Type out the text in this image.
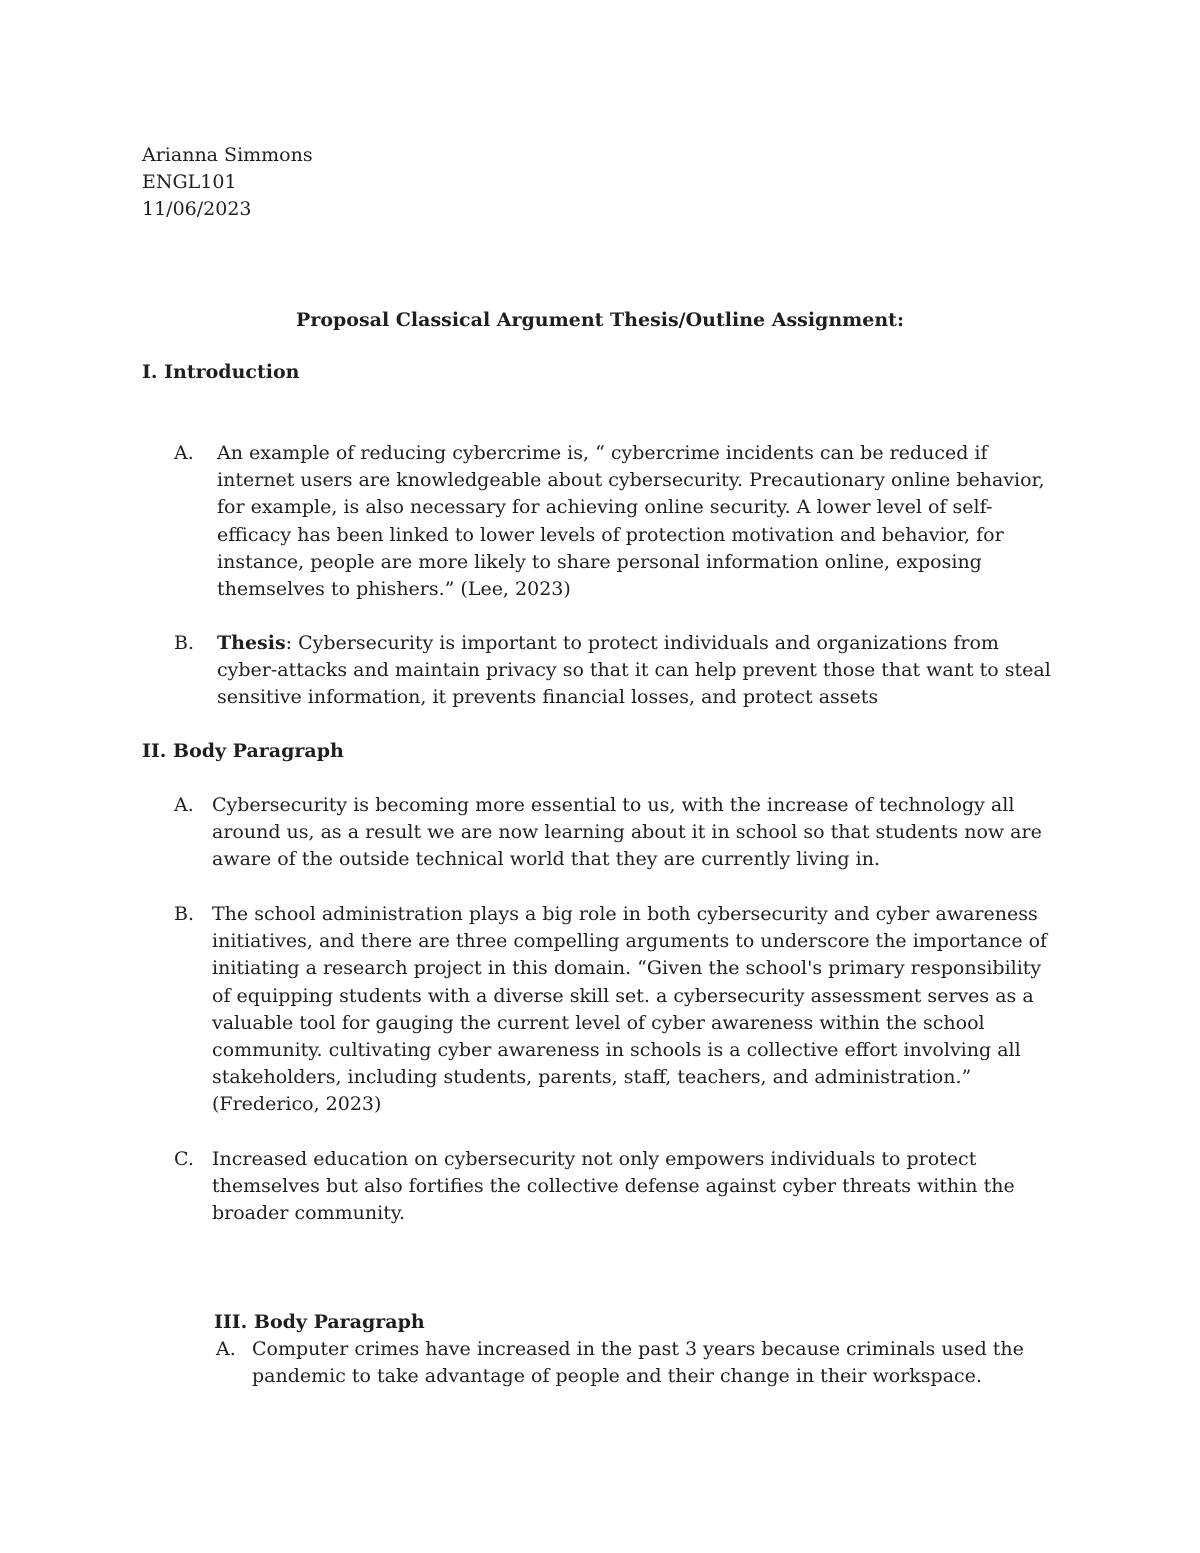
Arianna Simmons

ENGL101

11/06/2023

Proposal Classical Argument Thesis/Outline Assignment:

I. Introduction

A. An example of reducing cybercrime is, “ cybercrime incidents can be reduced if internet users are knowledgeable about cybersecurity. Precautionary online behavior, for example, is also necessary for achieving online security. A lower level of self-efficacy has been linked to lower levels of protection motivation and behavior, for instance, people are more likely to share personal information online, exposing themselves to phishers.” (Lee, 2023)
B. Thesis: Cybersecurity is important to protect individuals and organizations from cyber-attacks and maintain privacy so that it can help prevent those that want to steal sensitive information, it prevents financial losses, and protect assets

II. Body Paragraph

A. Cybersecurity is becoming more essential to us, with the increase of technology all around us, as a result we are now learning about it in school so that students now are aware of the outside technical world that they are currently living in.
B. The school administration plays a big role in both cybersecurity and cyber awareness initiatives, and there are three compelling arguments to underscore the importance of initiating a research project in this domain. “Given the school's primary responsibility of equipping students with a diverse skill set. a cybersecurity assessment serves as a valuable tool for gauging the current level of cyber awareness within the school community. cultivating cyber awareness in schools is a collective effort involving all stakeholders, including students, parents, staff, teachers, and administration.” (Frederico, 2023)
C. Increased education on cybersecurity not only empowers individuals to protect themselves but also fortifies the collective defense against cyber threats within the broader community.

III. Body Paragraph

A. Computer crimes have increased in the past 3 years because criminals used the pandemic to take advantage of people and their change in their workspace.
